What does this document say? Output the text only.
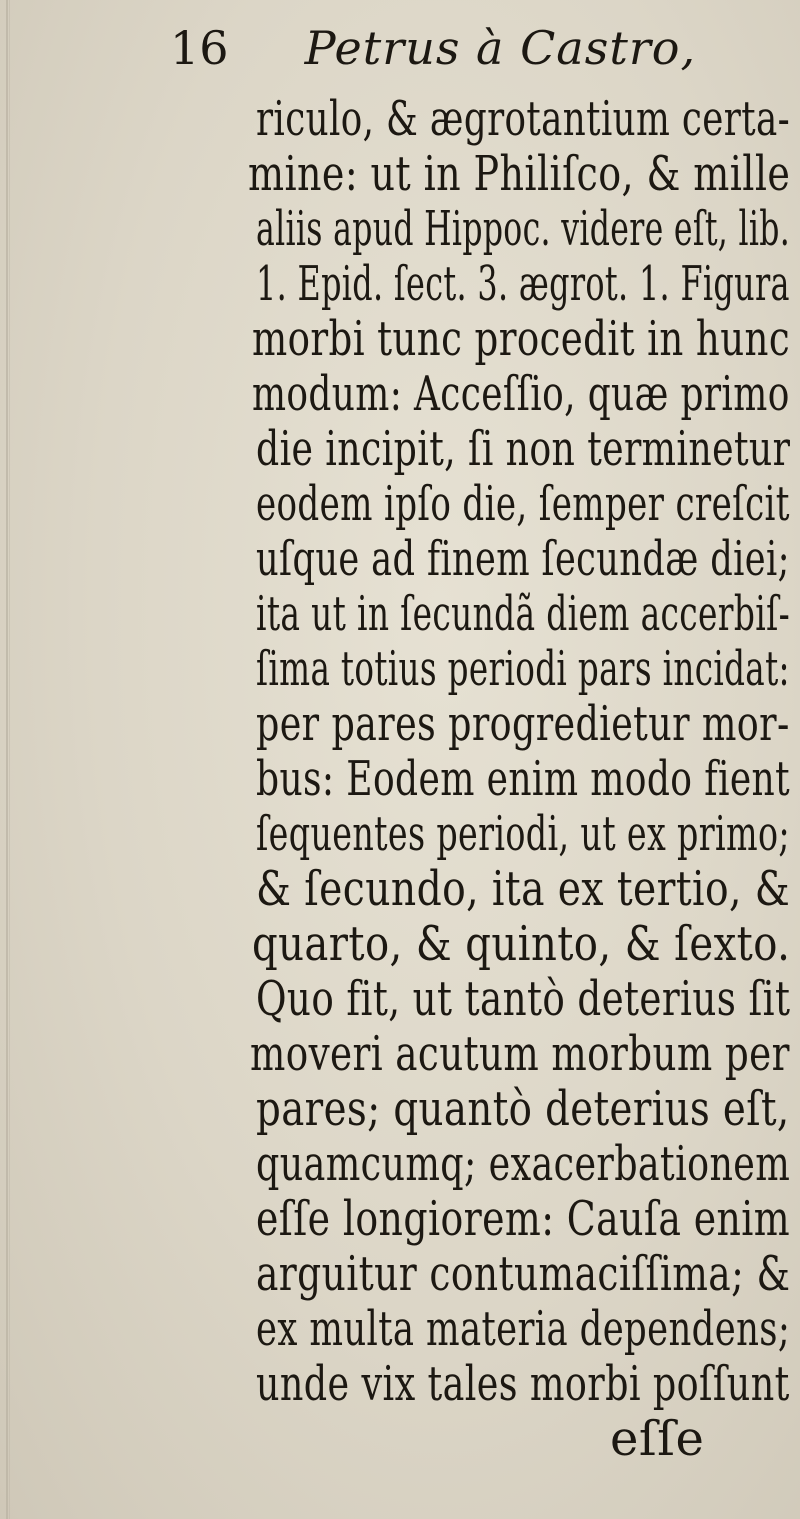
16 Petrus à Castro,
riculo, & ægrotantium certa-
mine: ut in Philiſco, & mille
aliis apud Hippoc. videre eſt, lib.
1. Epid. ſect. 3. ægrot. 1. Figura
morbi tunc procedit in hunc
modum: Acceſſio, quæ primo
die incipit, ſi non terminetur
eodem ipſo die, ſemper creſcit
uſque ad finem ſecundæ diei;
ita ut in ſecundã diem accerbiſ-
ſima totius periodi pars incidat:
per pares progredietur mor-
bus: Eodem enim modo fient
ſequentes periodi, ut ex primo;
& ſecundo, ita ex tertio, &
quarto, & quinto, & ſexto.
Quo fit, ut tantò deterius ſit
moveri acutum morbum per
pares; quantò deterius eſt,
quamcumq; exacerbationem
eſſe longiorem: Cauſa enim
arguitur contumaciſſima; &
ex multa materia dependens;
unde vix tales morbi poſſunt
eſſe
